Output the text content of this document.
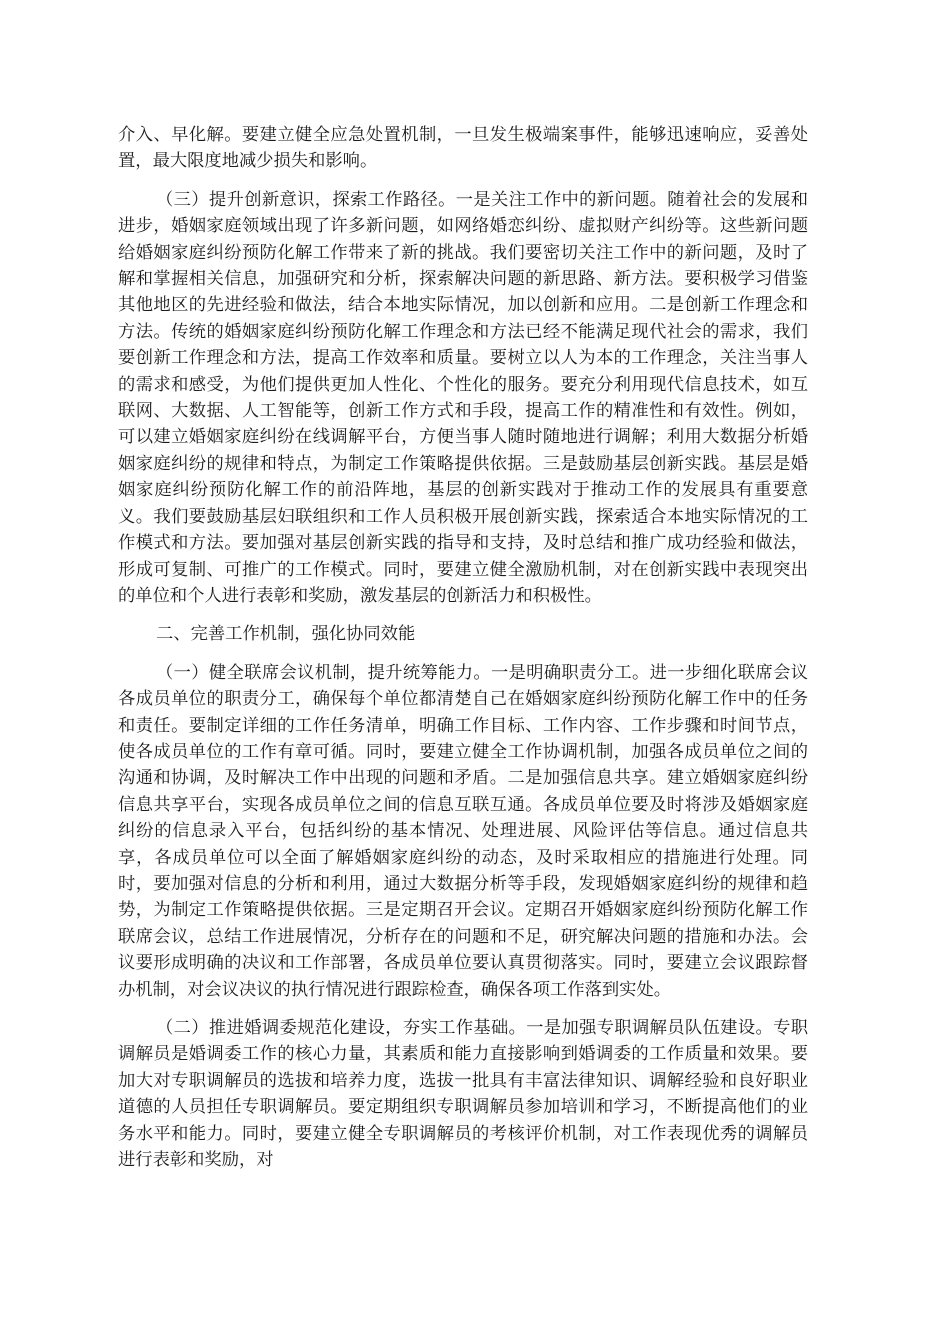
介入、早化解。要建立健全应急处置机制，一旦发生极端案事件，能够迅速响应，妥善处置，最大限度地减少损失和影响。

（三）提升创新意识，探索工作路径。一是关注工作中的新问题。随着社会的发展和进步，婚姻家庭领域出现了许多新问题，如网络婚恋纠纷、虚拟财产纠纷等。这些新问题给婚姻家庭纠纷预防化解工作带来了新的挑战。我们要密切关注工作中的新问题，及时了解和掌握相关信息，加强研究和分析，探索解决问题的新思路、新方法。要积极学习借鉴其他地区的先进经验和做法，结合本地实际情况，加以创新和应用。二是创新工作理念和方法。传统的婚姻家庭纠纷预防化解工作理念和方法已经不能满足现代社会的需求，我们要创新工作理念和方法，提高工作效率和质量。要树立以人为本的工作理念，关注当事人的需求和感受，为他们提供更加人性化、个性化的服务。要充分利用现代信息技术，如互联网、大数据、人工智能等，创新工作方式和手段，提高工作的精准性和有效性。例如，可以建立婚姻家庭纠纷在线调解平台，方便当事人随时随地进行调解；利用大数据分析婚姻家庭纠纷的规律和特点，为制定工作策略提供依据。三是鼓励基层创新实践。基层是婚姻家庭纠纷预防化解工作的前沿阵地，基层的创新实践对于推动工作的发展具有重要意义。我们要鼓励基层妇联组织和工作人员积极开展创新实践，探索适合本地实际情况的工作模式和方法。要加强对基层创新实践的指导和支持，及时总结和推广成功经验和做法，形成可复制、可推广的工作模式。同时，要建立健全激励机制，对在创新实践中表现突出的单位和个人进行表彰和奖励，激发基层的创新活力和积极性。

二、完善工作机制，强化协同效能

（一）健全联席会议机制，提升统筹能力。一是明确职责分工。进一步细化联席会议各成员单位的职责分工，确保每个单位都清楚自己在婚姻家庭纠纷预防化解工作中的任务和责任。要制定详细的工作任务清单，明确工作目标、工作内容、工作步骤和时间节点，使各成员单位的工作有章可循。同时，要建立健全工作协调机制，加强各成员单位之间的沟通和协调，及时解决工作中出现的问题和矛盾。二是加强信息共享。建立婚姻家庭纠纷信息共享平台，实现各成员单位之间的信息互联互通。各成员单位要及时将涉及婚姻家庭纠纷的信息录入平台，包括纠纷的基本情况、处理进展、风险评估等信息。通过信息共享，各成员单位可以全面了解婚姻家庭纠纷的动态，及时采取相应的措施进行处理。同时，要加强对信息的分析和利用，通过大数据分析等手段，发现婚姻家庭纠纷的规律和趋势，为制定工作策略提供依据。三是定期召开会议。定期召开婚姻家庭纠纷预防化解工作联席会议，总结工作进展情况，分析存在的问题和不足，研究解决问题的措施和办法。会议要形成明确的决议和工作部署，各成员单位要认真贯彻落实。同时，要建立会议跟踪督办机制，对会议决议的执行情况进行跟踪检查，确保各项工作落到实处。

（二）推进婚调委规范化建设，夯实工作基础。一是加强专职调解员队伍建设。专职调解员是婚调委工作的核心力量，其素质和能力直接影响到婚调委的工作质量和效果。要加大对专职调解员的选拔和培养力度，选拔一批具有丰富法律知识、调解经验和良好职业道德的人员担任专职调解员。要定期组织专职调解员参加培训和学习，不断提高他们的业务水平和能力。同时，要建立健全专职调解员的考核评价机制，对工作表现优秀的调解员进行表彰和奖励，对
